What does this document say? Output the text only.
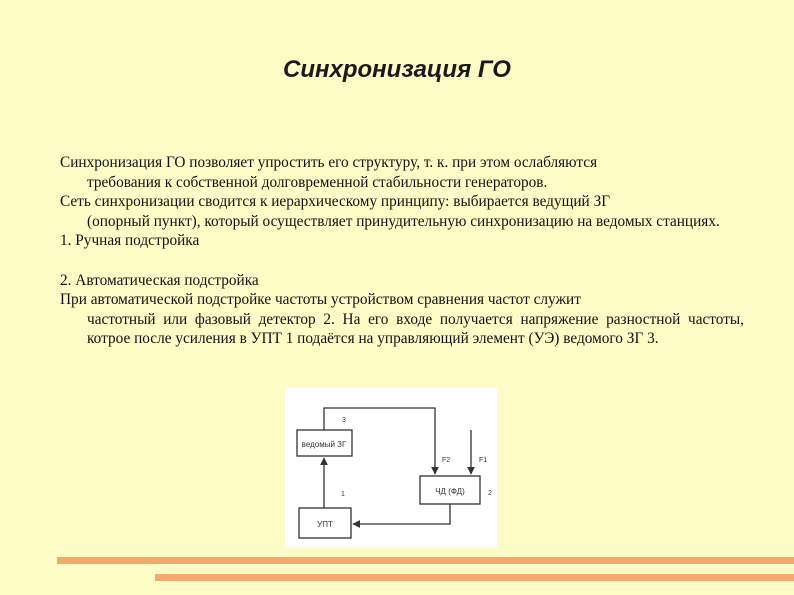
Синхронизация ГО
Синхронизация ГО позволяет упростить его структуру, т. к. при этом ослабляются
требования к собственной долговременной стабильности генераторов.
Сеть синхронизации сводится к иерархическому принципу: выбирается ведущий ЗГ
(опорный пункт), который осуществляет принудительную синхронизацию на ведомых станциях.
1. Ручная подстройка
2. Автоматическая подстройка
При автоматической подстройке частоты устройством сравнения частот служит
частотный или фазовый детектор 2. На его входе получается напряжение разностной частоты, котрое после усиления в УПТ 1 подаётся на управляющий элемент (УЭ) ведомого ЗГ 3.
ведомый ЗГ
ЧД (ФД)
УПТ
3
F2	F1
1	2
